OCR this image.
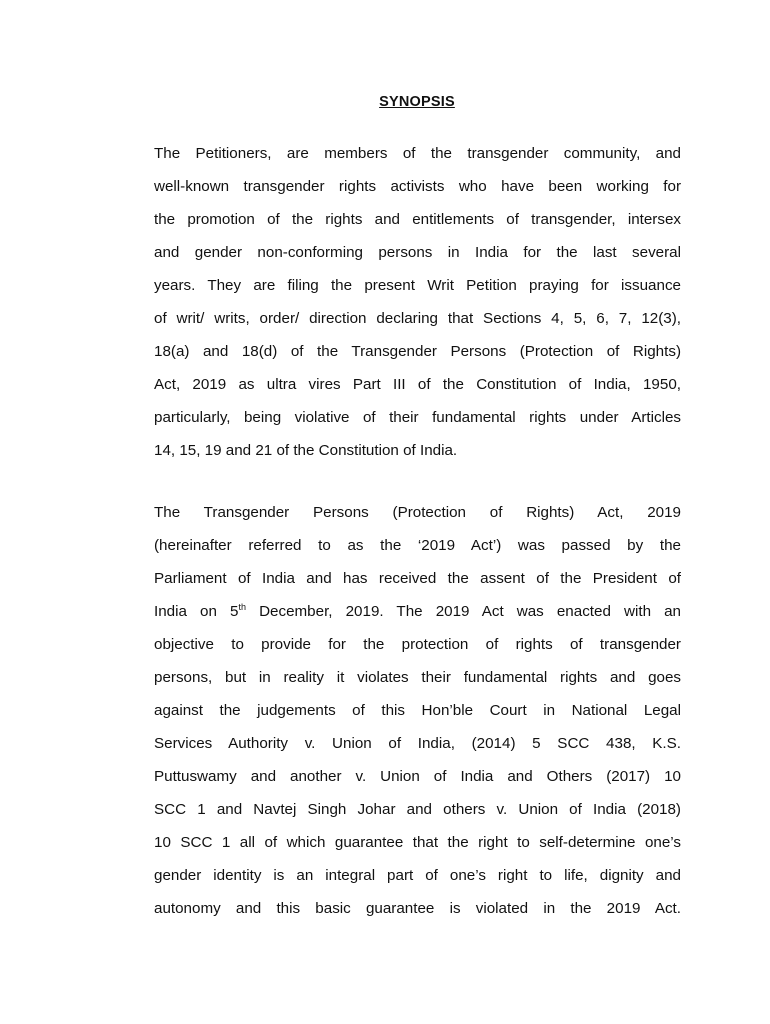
SYNOPSIS
The Petitioners, are members of the transgender community, and
well-known transgender rights activists who have been working for
the promotion of the rights and entitlements of transgender, intersex
and gender non-conforming persons in India for the last several
years. They are filing the present Writ Petition praying for issuance
of writ/ writs, order/ direction declaring that Sections 4, 5, 6, 7, 12(3),
18(a) and 18(d) of the Transgender Persons (Protection of Rights)
Act, 2019 as ultra vires Part III of the Constitution of India, 1950,
particularly, being violative of their fundamental rights under Articles
14, 15, 19 and 21 of the Constitution of India.
The Transgender Persons (Protection of Rights) Act, 2019
(hereinafter referred to as the ‘2019 Act’) was passed by the
Parliament of India and has received the assent of the President of
India on 5th December, 2019. The 2019 Act was enacted with an
objective to provide for the protection of rights of transgender
persons, but in reality it violates their fundamental rights and goes
against the judgements of this Hon’ble Court in National Legal
Services Authority v. Union of India, (2014) 5 SCC 438, K.S.
Puttuswamy and another v. Union of India and Others (2017) 10
SCC 1 and Navtej Singh Johar and others v. Union of India (2018)
10 SCC 1 all of which guarantee that the right to self-determine one’s
gender identity is an integral part of one’s right to life, dignity and
autonomy and this basic guarantee is violated in the 2019 Act.
